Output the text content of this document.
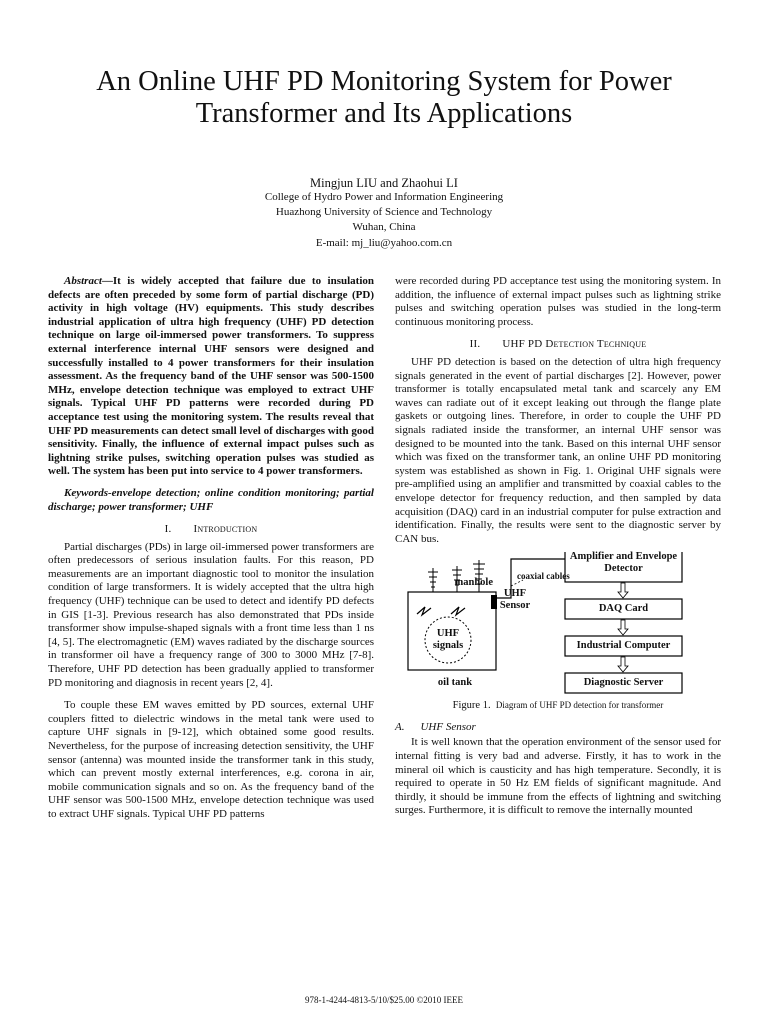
An Online UHF PD Monitoring System for Power Transformer and Its Applications
Mingjun LIU and Zhaohui LI
College of Hydro Power and Information Engineering
Huazhong University of Science and Technology
Wuhan, China
E-mail: mj_liu@yahoo.com.cn

Abstract—It is widely accepted that failure due to insulation defects are often preceded by some form of partial discharge (PD) activity in high voltage (HV) equipments. This study describes industrial application of ultra high frequency (UHF) PD detection technique on large oil-immersed power transformers. To suppress external interference internal UHF sensors were designed and successfully installed to 4 power transformers for their insulation assessment. As the frequency band of the UHF sensor was 500-1500 MHz, envelope detection technique was employed to extract UHF signals. Typical UHF PD patterns were recorded during PD acceptance test using the monitoring system. The results reveal that UHF PD measurements can detect small level of discharges with good sensitivity. Finally, the influence of external impact pulses such as lightning strike pulses, switching operation pulses was studied as well. The system has been put into service to 4 power transformers.

Keywords-envelope detection; online condition monitoring; partial discharge; power transformer; UHF

I. Introduction

Partial discharges (PDs) in large oil-immersed power transformers are often predecessors of serious insulation faults. For this reason, PD measurements are an important diagnostic tool to monitor the insulation condition of large transformers. It is widely accepted that the ultra high frequency (UHF) technique can be used to detect and identify PD defects in GIS [1-3]. Previous research has also demonstrated that PDs inside transformer show impulse-shaped signals with a front time less than 1 ns [4, 5]. The electromagnetic (EM) waves radiated by the discharge sources in transformer oil have a frequency range of 300 to 3000 MHz [7-8]. Therefore, UHF PD detection has been gradually applied to transformer PD monitoring and diagnosis in recent years [2, 4].

To couple these EM waves emitted by PD sources, external UHF couplers fitted to dielectric windows in the metal tank were used to capture UHF signals in [9-12], which obtained some good results. Nevertheless, for the purpose of increasing detection sensitivity, the UHF sensor (antenna) was mounted inside the transformer tank in this study, which can prevent mostly external interferences, e.g. corona in air, mobile communication signals and so on. As the frequency band of the UHF sensor was 500-1500 MHz, envelope detection technique was used to extract UHF signals. Typical UHF PD patterns

were recorded during PD acceptance test using the monitoring system. In addition, the influence of external impact pulses such as lightning strike pulses and switching operation pulses was studied in the long-term continuous monitoring process.

II. UHF PD Detection Technique

UHF PD detection is based on the detection of ultra high frequency signals generated in the event of partial discharges [2]. However, power transformer is totally encapsulated metal tank and scarcely any EM waves can radiate out of it except leaking out through the flange plate gaskets or outgoing lines. Therefore, in order to couple the UHF PD signals radiated inside the transformer, an internal UHF sensor was designed to be mounted into the tank. Based on this internal UHF sensor which was fixed on the transformer tank, an online UHF PD monitoring system was established as shown in Fig. 1. Original UHF signals were pre-amplified using an amplifier and transmitted by coaxial cables to the envelope detector for frequency reduction, and then sampled by data acquisition (DAQ) card in an industrial computer for pulse extraction and identification. Finally, the results were sent to the diagnostic server by CAN bus.

Amplifier and Envelope Detector
coaxial cables
manhole
UHF Sensor	DAQ Card
UHF signals	Industrial Computer
oil tank	Diagnostic Server
Figure 1. Diagram of UHF PD detection for transformer
A. UHF Sensor

It is well known that the operation environment of the sensor used for internal fitting is very bad and adverse. Firstly, it has to work in the mineral oil which is causticity and has high temperature. Secondly, it is required to operate in 50 Hz EM fields of significant magnitude. And thirdly, it should be immune from the effects of lightning and switching surges. Furthermore, it is difficult to remove the internally mounted

978-1-4244-4813-5/10/$25.00 ©2010 IEEE
